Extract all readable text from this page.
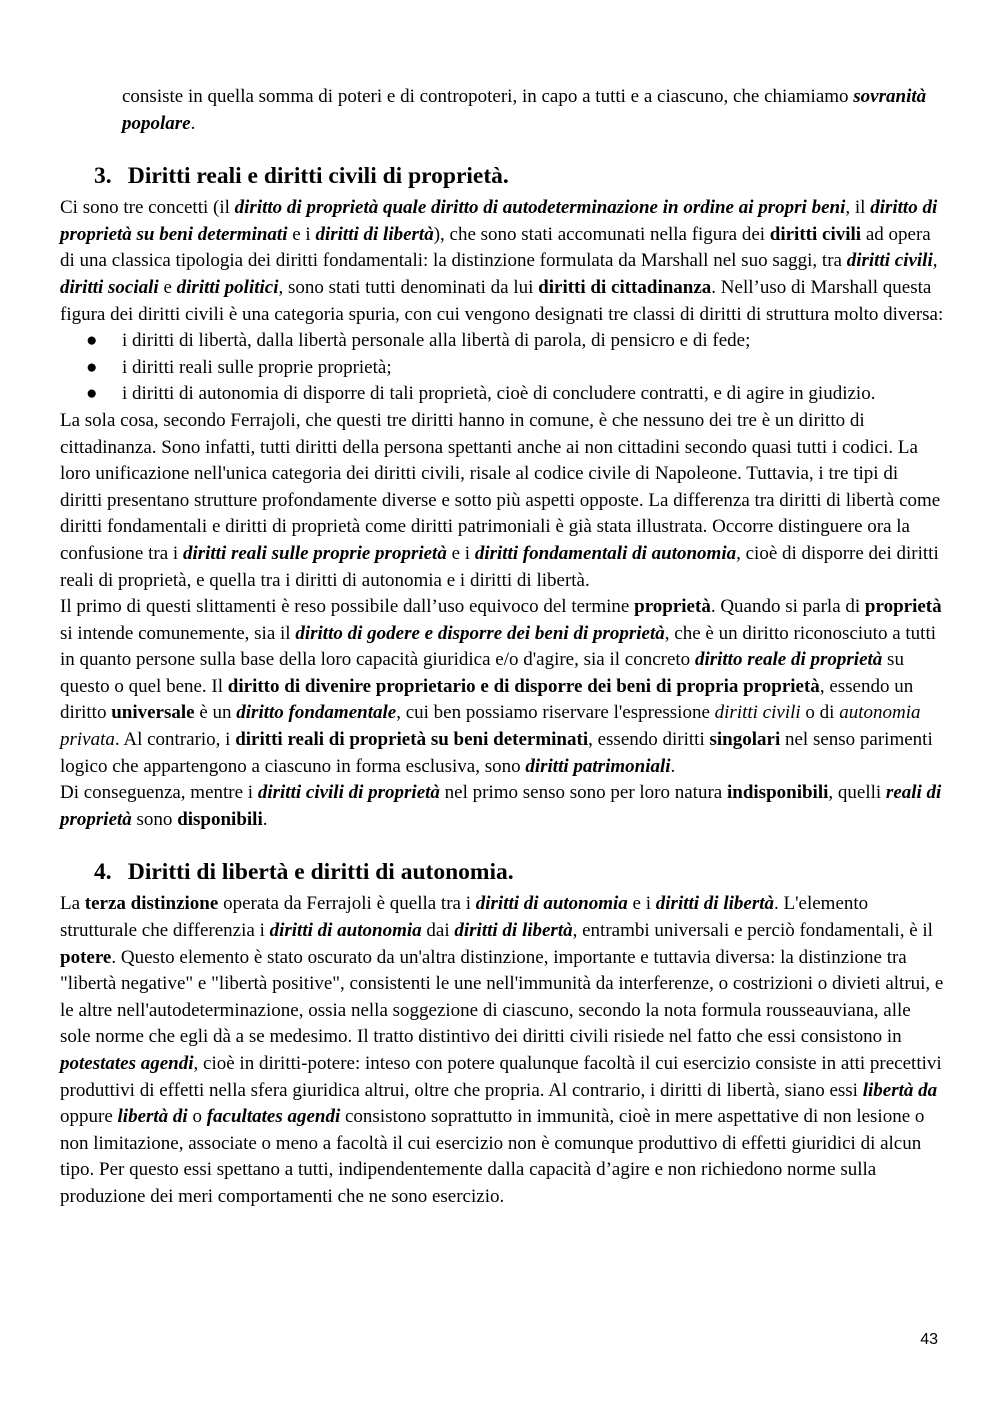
consiste in quella somma di poteri e di contropoteri, in capo a tutti e a ciascuno, che chiamiamo sovranità popolare.

3. Diritti reali e diritti civili di proprietà.

Ci sono tre concetti (il diritto di proprietà quale diritto di autodeterminazione in ordine ai propri beni, il diritto di proprietà su beni determinati e i diritti di libertà), che sono stati accomunati nella figura dei diritti civili ad opera di una classica tipologia dei diritti fondamentali: la distinzione formulata da Marshall nel suo saggi, tra diritti civili, diritti sociali e diritti politici, sono stati tutti denominati da lui diritti di cittadinanza. Nell’uso di Marshall questa figura dei diritti civili è una categoria spuria, con cui vengono designati tre classi di diritti di struttura molto diversa:

● i diritti di libertà, dalla libertà personale alla libertà di parola, di pensicro e di fede;
● i diritti reali sulle proprie proprietà;
● i diritti di autonomia di disporre di tali proprietà, cioè di concludere contratti, e di agire in giudizio.

La sola cosa, secondo Ferrajoli, che questi tre diritti hanno in comune, è che nessuno dei tre è un diritto di cittadinanza. Sono infatti, tutti diritti della persona spettanti anche ai non cittadini secondo quasi tutti i codici. La loro unificazione nell'unica categoria dei diritti civili, risale al codice civile di Napoleone. Tuttavia, i tre tipi di diritti presentano strutture profondamente diverse e sotto più aspetti opposte. La differenza tra diritti di libertà come diritti fondamentali e diritti di proprietà come diritti patrimoniali è già stata illustrata. Occorre distinguere ora la confusione tra i diritti reali sulle proprie proprietà e i diritti fondamentali di autonomia, cioè di disporre dei diritti reali di proprietà, e quella tra i diritti di autonomia e i diritti di libertà.

Il primo di questi slittamenti è reso possibile dall’uso equivoco del termine proprietà. Quando si parla di proprietà si intende comunemente, sia il diritto di godere e disporre dei beni di proprietà, che è un diritto riconosciuto a tutti in quanto persone sulla base della loro capacità giuridica e/o d'agire, sia il concreto diritto reale di proprietà su questo o quel bene. Il diritto di divenire proprietario e di disporre dei beni di propria proprietà, essendo un diritto universale è un diritto fondamentale, cui ben possiamo riservare l'espressione diritti civili o di autonomia privata. Al contrario, i diritti reali di proprietà su beni determinati, essendo diritti singolari nel senso parimenti logico che appartengono a ciascuno in forma esclusiva, sono diritti patrimoniali.

Di conseguenza, mentre i diritti civili di proprietà nel primo senso sono per loro natura indisponibili, quelli reali di proprietà sono disponibili.

4. Diritti di libertà e diritti di autonomia.

La terza distinzione operata da Ferrajoli è quella tra i diritti di autonomia e i diritti di libertà. L'elemento strutturale che differenzia i diritti di autonomia dai diritti di libertà, entrambi universali e perciò fondamentali, è il potere. Questo elemento è stato oscurato da un'altra distinzione, importante e tuttavia diversa: la distinzione tra "libertà negative" e "libertà positive", consistenti le une nell'immunità da interferenze, o costrizioni o divieti altrui, e le altre nell'autodeterminazione, ossia nella soggezione di ciascuno, secondo la nota formula rousseauviana, alle sole norme che egli dà a se medesimo. Il tratto distintivo dei diritti civili risiede nel fatto che essi consistono in potestates agendi, cioè in diritti-potere: inteso con potere qualunque facoltà il cui esercizio consiste in atti precettivi produttivi di effetti nella sfera giuridica altrui, oltre che propria. Al contrario, i diritti di libertà, siano essi libertà da oppure libertà di o facultates agendi consistono soprattutto in immunità, cioè in mere aspettative di non lesione o non limitazione, associate o meno a facoltà il cui esercizio non è comunque produttivo di effetti giuridici di alcun tipo. Per questo essi spettano a tutti, indipendentemente dalla capacità d’agire e non richiedono norme sulla produzione dei meri comportamenti che ne sono esercizio.

43
